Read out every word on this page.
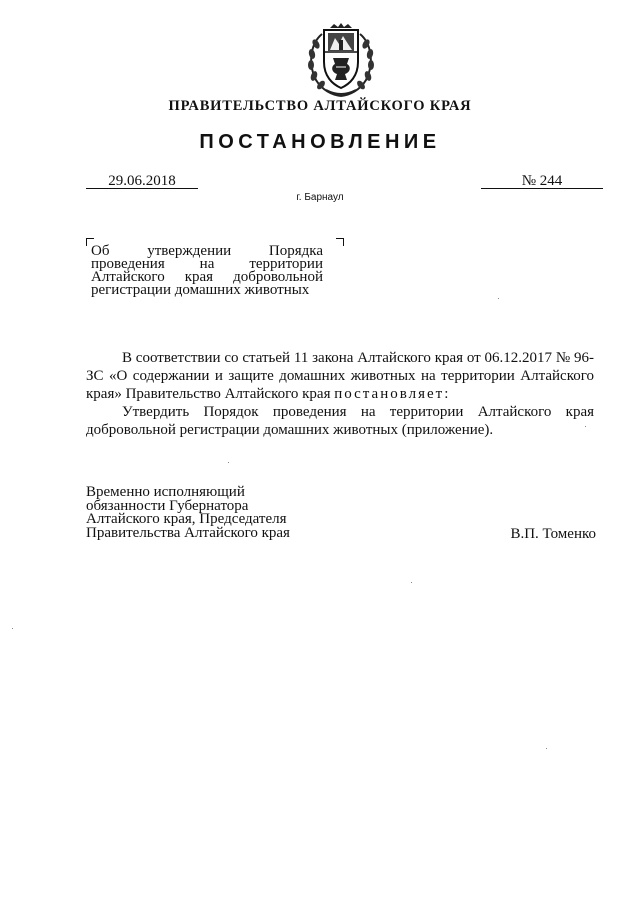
ПРАВИТЕЛЬСТВО АЛТАЙСКОГО КРАЯ
ПОСТАНОВЛЕНИЕ
29.06.2018	№ 244
г. Барнаул
Об утверждении Порядка проведения на территории Алтайского края добровольной регистрации домашних животных

В соответствии со статьей 11 закона Алтайского края от 06.12.2017 № 96-ЗС «О содержании и защите домашних животных на территории Алтайского края» Правительство Алтайского края постановляет:

Утвердить Порядок проведения на территории Алтайского края добровольной регистрации домашних животных (приложение).

Временно исполняющий
обязанности Губернатора
Алтайского края, Председателя
Правительства Алтайского края	В.П. Томенко
